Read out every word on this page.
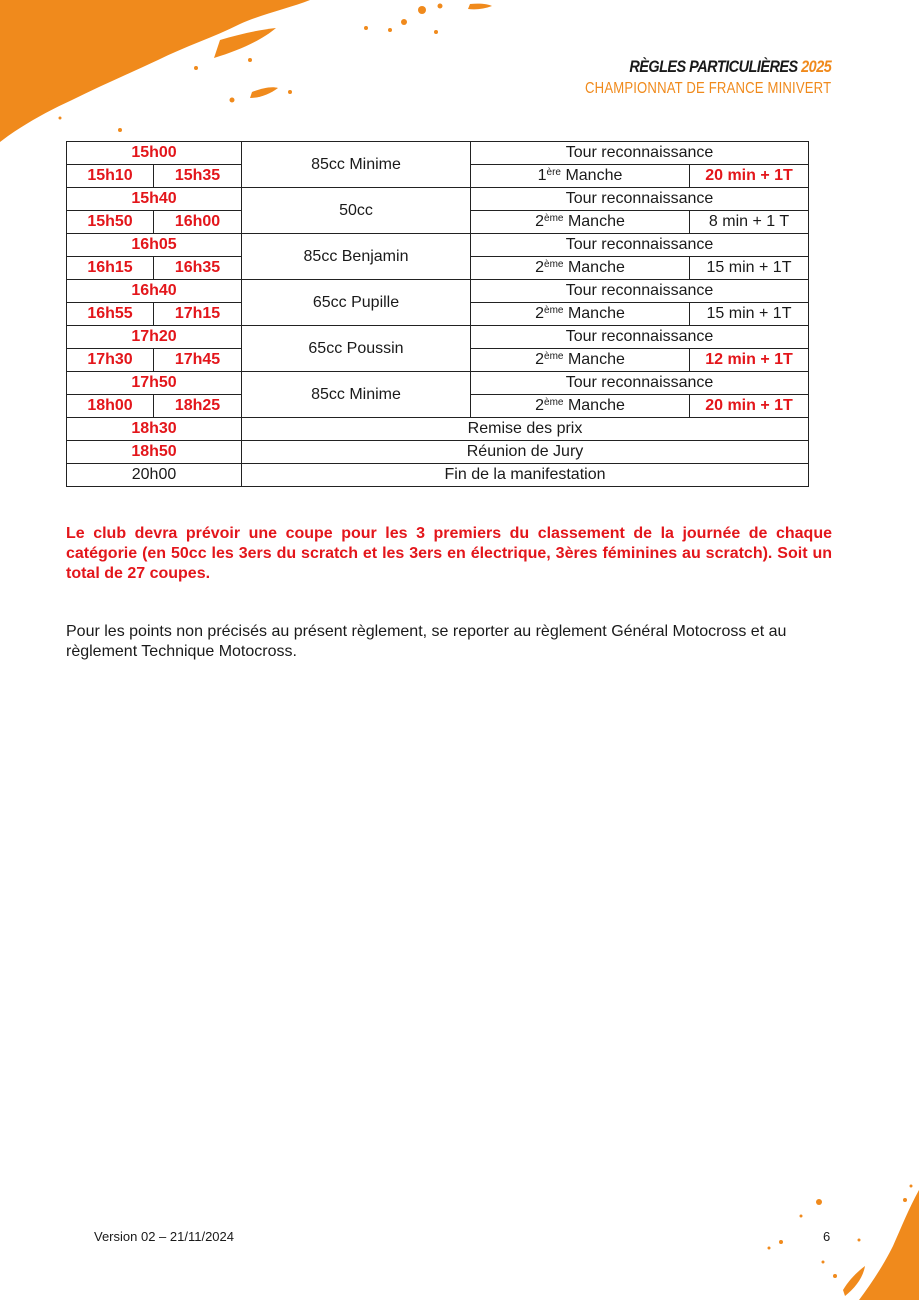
RÈGLES PARTICULIÈRES 2025
CHAMPIONNAT DE FRANCE MINIVERT
15h00		85cc Minime	Tour reconnaissance	
15h10	15h35		1ère Manche	20 min + 1T
15h40		50cc	Tour reconnaissance	
15h50	16h00		2ème Manche	8 min + 1 T
16h05		85cc Benjamin	Tour reconnaissance	
16h15	16h35		2ème Manche	15 min + 1T
16h40		65cc Pupille	Tour reconnaissance	
16h55	17h15		2ème Manche	15 min + 1T
17h20		65cc Poussin	Tour reconnaissance	
17h30	17h45		2ème Manche	12 min + 1T
17h50		85cc Minime	Tour reconnaissance	
18h00	18h25		2ème Manche	20 min + 1T
18h30		Remise des prix		
18h50		Réunion de Jury		
20h00		Fin de la manifestation		
Le club devra prévoir une coupe pour les 3 premiers du classement de la journée de chaque catégorie (en 50cc les 3ers du scratch et les 3ers en électrique, 3ères féminines au scratch). Soit un total de 27 coupes.
Pour les points non précisés au présent règlement, se reporter au règlement Général Motocross et au règlement Technique Motocross.
Version 02 – 21/11/2024	6
